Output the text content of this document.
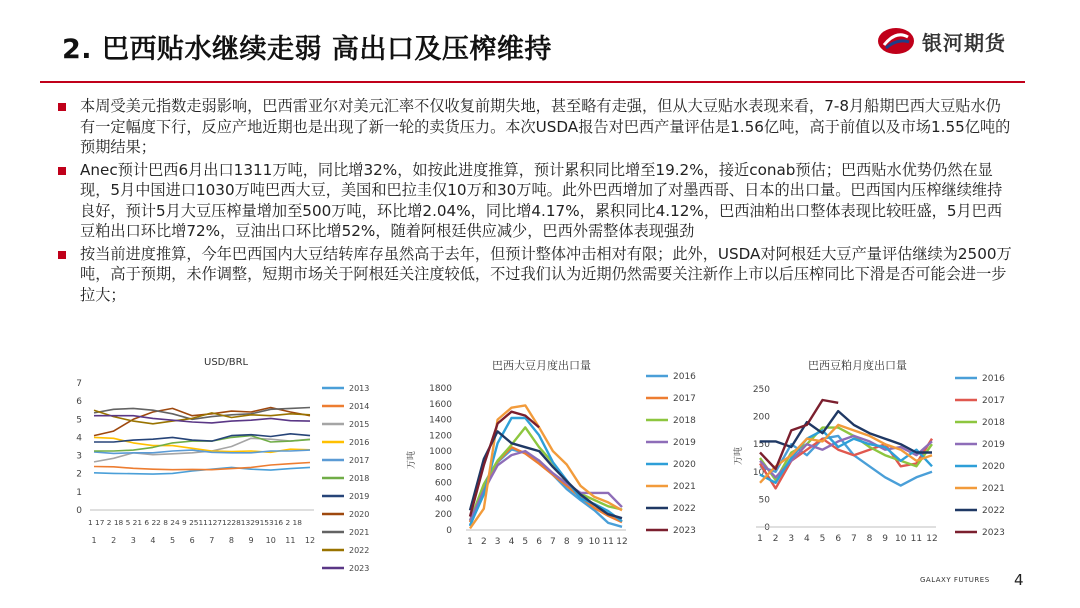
2. 巴西贴水继续走弱 高出口及压榨维持	银河期货
本周受美元指数走弱影响，巴西雷亚尔对美元汇率不仅收复前期失地，甚至略有走强，但从大豆贴水表现来看，7-8月船期巴西大豆贴水仍有一定幅度下行，反应产地近期也是出现了新一轮的卖货压力。本次USDA报告对巴西产量评估是1.56亿吨，高于前值以及市场1.55亿吨的预期结果；
Anec预计巴西6月出口1311万吨，同比增32%，如按此进度推算，预计累积同比增至19.2%，接近conab预估；巴西贴水优势仍然在显现，5月中国进口1030万吨巴西大豆，美国和巴拉圭仅10万和30万吨。此外巴西增加了对墨西哥、日本的出口量。巴西国内压榨继续维持良好，预计5月大豆压榨量增加至500万吨，环比增2.04%，同比增4.17%，累积同比4.12%，巴西油粕出口整体表现比较旺盛，5月巴西豆粕出口环比增72%，豆油出口环比增52%，随着阿根廷供应减少，巴西外需整体表现强劲
按当前进度推算，今年巴西国内大豆结转库存虽然高于去年，但预计整体冲击相对有限；此外，USDA对阿根廷大豆产量评估继续为2500万吨，高于预期，未作调整，短期市场关于阿根廷关注度较低，不过我们认为近期仍然需要关注新作上市以后压榨同比下滑是否可能会进一步拉大；
USD/BRL
0
1
2
3
4
5
6
7
1 17 2 18 5 21 6 22 8 24 9 25111271228132915316 2 18
1 2 3 4 5 6 7 8 9 10 11 12
2013
2014
2015
2016
2017
2018
2019
2020
2021
2022
2023
巴西大豆月度出口量
万吨
0
200
400
600
800
1000
1200
1400
1600
1800
1 2 3 4 5 6 7 8 9 10 11 12
2016
2017
2018
2019
2020
2021
2022
2023
巴西豆粕月度出口量
万吨
0
50
100
150
200
250
1 2 3 4 5 6 7 8 9 10 11 12
2016
2017
2018
2019
2020
2021
2022
2023
GALAXY FUTURES 4
